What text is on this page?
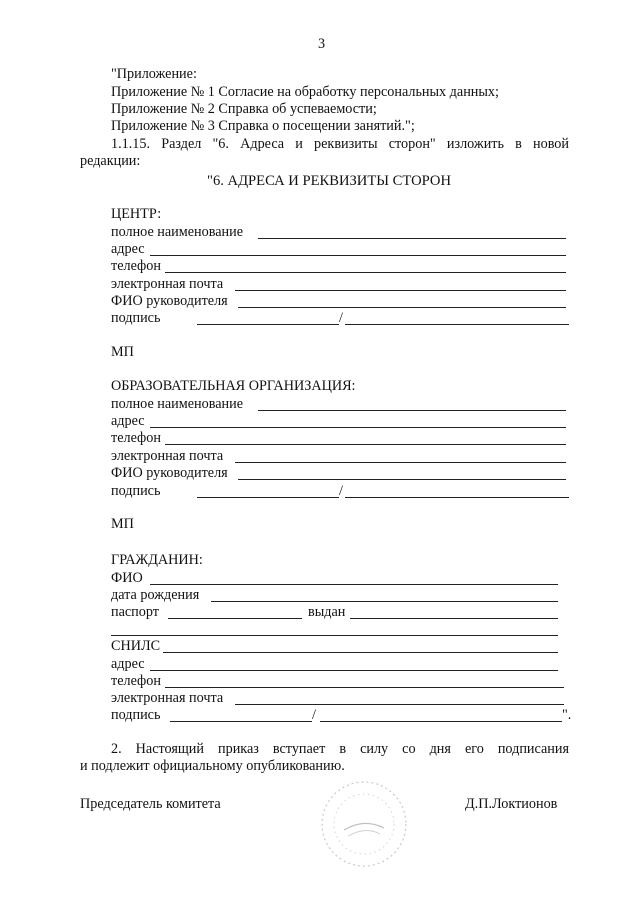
3
"Приложение:
Приложение № 1 Согласие на обработку персональных данных;
Приложение № 2 Справка об успеваемости;
Приложение № 3 Справка о посещении занятий.";
1.1.15. Раздел "6. Адреса и реквизиты сторон" изложить в новой
редакции:
"6. АДРЕСА И РЕКВИЗИТЫ СТОРОН
ЦЕНТР:
полное наименование
адрес
телефон
электронная почта
ФИО руководителя
подпись	/
МП
ОБРАЗОВАТЕЛЬНАЯ ОРГАНИЗАЦИЯ:
полное наименование
адрес
телефон
электронная почта
ФИО руководителя
подпись	/
МП
ГРАЖДАНИН:
ФИО
дата рождения
паспорт	выдан
СНИЛС
адрес
телефон
электронная почта
подпись	/	".
2. Настоящий приказ вступает в силу со дня его подписания
и подлежит официальному опубликованию.
Председатель комитета	Д.П.Локтионов
